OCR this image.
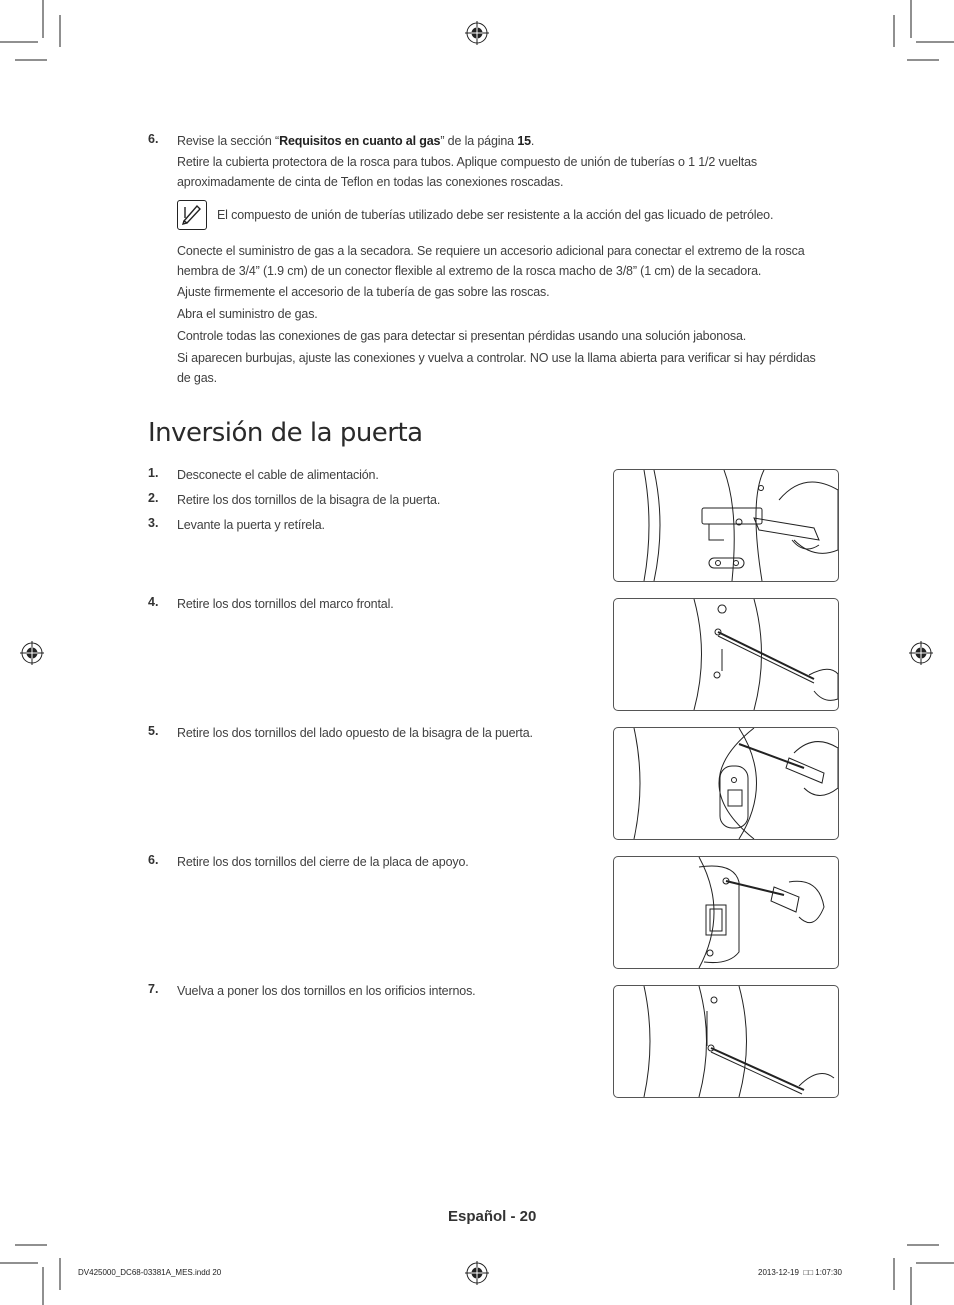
6. Revise la sección “Requisitos en cuanto al gas” de la página 15.
Retire la cubierta protectora de la rosca para tubos. Aplique compuesto de unión de tuberías o 1 1/2 vueltas aproximadamente de cinta de Teflon en todas las conexiones roscadas.
El compuesto de unión de tuberías utilizado debe ser resistente a la acción del gas licuado de petróleo.
Conecte el suministro de gas a la secadora. Se requiere un accesorio adicional para conectar el extremo de la rosca hembra de 3/4” (1.9 cm) de un conector flexible al extremo de la rosca macho de 3/8” (1 cm) de la secadora.
Ajuste firmemente el accesorio de la tubería de gas sobre las roscas.
Abra el suministro de gas.
Controle todas las conexiones de gas para detectar si presentan pérdidas usando una solución jabonosa.
Si aparecen burbujas, ajuste las conexiones y vuelva a controlar. NO use la llama abierta para verificar si hay pérdidas de gas.
Inversión de la puerta
1. Desconecte el cable de alimentación.
2. Retire los dos tornillos de la bisagra de la puerta.
3. Levante la puerta y retírela.
4. Retire los dos tornillos del marco frontal.
5. Retire los dos tornillos del lado opuesto de la bisagra de la puerta.
6. Retire los dos tornillos del cierre de la placa de apoyo.
7. Vuelva a poner los dos tornillos en los orificios internos.
Español - 20
DV425000_DC68-03381A_MES.indd 20	2013-12-19 □□ 1:07:30
